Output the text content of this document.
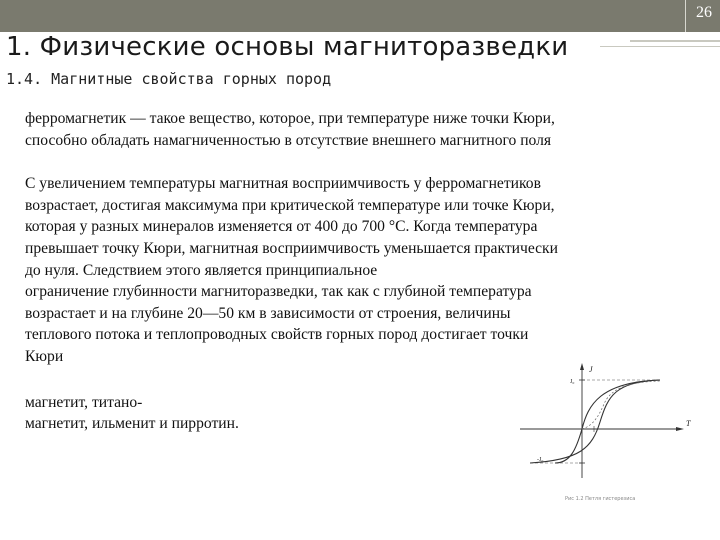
26
1. Физические основы магниторазведки
1.4. Магнитные свойства горных пород

ферромагнетик — такое вещество, которое, при температуре ниже точки Кюри,
способно обладать намагниченностью в отсутствие внешнего магнитного поля

С увеличением температуры магнитная восприимчивость у ферромагнетиков
возрастает, достигая максимума при критической температуре или точке Кюри,
которая у разных минералов изменяется от 400 до 700 °С. Когда температура
превышает точку Кюри, магнитная восприимчивость уменьшается практически
до нуля. Следствием этого является принципиальное
ограничение глубинности магниторазведки, так как с глубиной температура
возрастает и на глубине 20—50 км в зависимости от строения, величины
теплового потока и теплопроводных свойств горных пород достигает точки
Кюри

магнетит, титано-
магнетит, ильменит и пирротин.

J
T
J₀
-J₀
Рис 1.2 Петля гистерезиса
